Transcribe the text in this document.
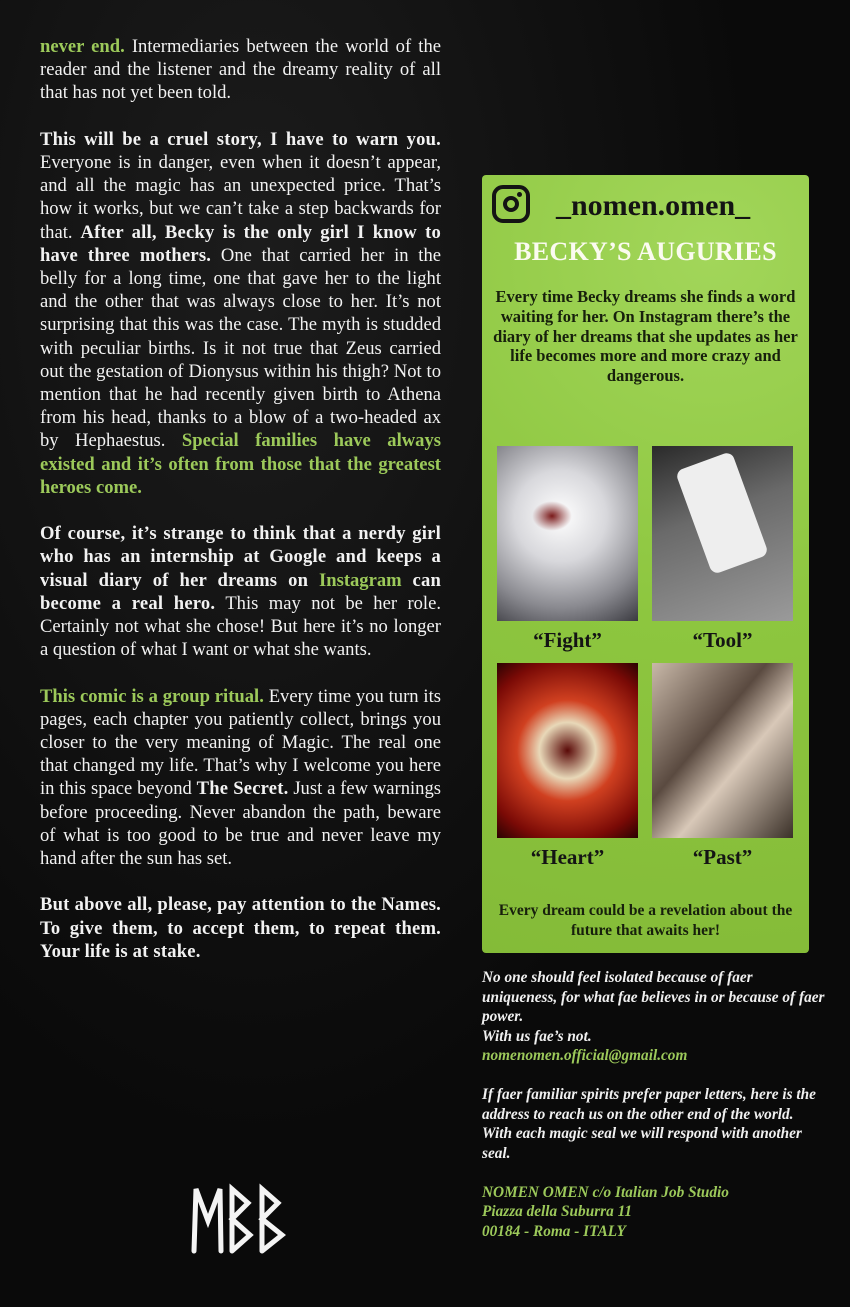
never end. Intermediaries between the world of the reader and the listener and the dreamy reality of all that has not yet been told.

This will be a cruel story, I have to warn you. Everyone is in danger, even when it doesn’t appear, and all the magic has an unexpected price. That’s how it works, but we can’t take a step backwards for that. After all, Becky is the only girl I know to have three mothers. One that carried her in the belly for a long time, one that gave her to the light and the other that was always close to her. It’s not surprising that this was the case. The myth is studded with peculiar births. Is it not true that Zeus carried out the gestation of Dionysus within his thigh? Not to mention that he had recently given birth to Athena from his head, thanks to a blow of a two-headed ax by Hephaestus. Special families have always existed and it’s often from those that the greatest heroes come.

Of course, it’s strange to think that a nerdy girl who has an internship at Google and keeps a visual diary of her dreams on Instagram can become a real hero. This may not be her role. Certainly not what she chose! But here it’s no longer a question of what I want or what she wants.

This comic is a group ritual. Every time you turn its pages, each chapter you patiently collect, brings you closer to the very meaning of Magic. The real one that changed my life. That’s why I welcome you here in this space beyond The Secret. Just a few warnings before proceeding. Never abandon the path, beware of what is too good to be true and never leave my hand after the sun has set.

But above all, please, pay attention to the Names. To give them, to accept them, to repeat them. Your life is at stake.

_nomen.omen_
BECKY’S AUGURIES
Every time Becky dreams she finds a word waiting for her. On Instagram there’s the diary of her dreams that she updates as her life becomes more and more crazy and dangerous.
“Fight”	“Tool”
“Heart”	“Past”
Every dream could be a revelation about the future that awaits her!

No one should feel isolated because of faer uniqueness, for what fae believes in or because of faer power.
With us fae’s not.
nomenomen.official@gmail.com

If faer familiar spirits prefer paper letters, here is the address to reach us on the other end of the world.
With each magic seal we will respond with another seal.

NOMEN OMEN c/o Italian Job Studio
Piazza della Suburra 11
00184 - Roma - ITALY
